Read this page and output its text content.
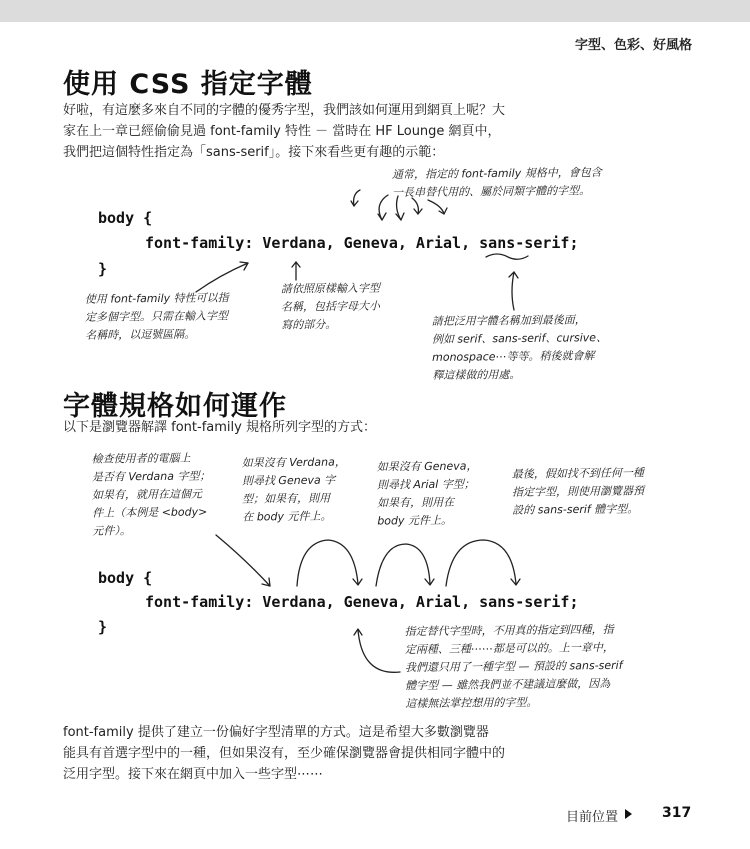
字型、色彩、好風格
使用 CSS 指定字體
好啦，有這麼多來自不同的字體的優秀字型，我們該如何運用到網頁上呢？大
家在上一章已經偷偷見過 font-family 特性 － 當時在 HF Lounge 網頁中，
我們把這個特性指定為「sans-serif」。接下來看些更有趣的示範：
通常，指定的 font-family 規格中，會包含
一長串替代用的、屬於同類字體的字型。
body {
font-family: Verdana, Geneva, Arial, sans-serif;
}
使用 font-family 特性可以指
定多個字型。只需在輸入字型
名稱時，以逗號區隔。
請依照原樣輸入字型
名稱，包括字母大小
寫的部分。	請把泛用字體名稱加到最後面，
例如 serif、sans-serif、cursive、
monospace⋯等等。稍後就會解
釋這樣做的用處。
字體規格如何運作
以下是瀏覽器解譯 font-family 規格所列字型的方式：
檢查使用者的電腦上
是否有 Verdana 字型；
如果有，就用在這個元
件上（本例是 <body>
元件）。
如果沒有 Verdana，
則尋找 Geneva 字
型；如果有，則用
在 body 元件上。
如果沒有 Geneva，
則尋找 Arial 字型；
如果有，則用在
body 元件上。
最後，假如找不到任何一種
指定字型，則使用瀏覽器預
設的 sans-serif 體字型。
body {
font-family: Verdana, Geneva, Arial, sans-serif;
}	指定替代字型時，不用真的指定到四種，指
定兩種、三種⋯⋯都是可以的。上一章中，
我們還只用了一種字型 — 預設的 sans-serif
體字型 — 雖然我們並不建議這麼做，因為
這樣無法掌控想用的字型。
font-family 提供了建立一份偏好字型清單的方式。這是希望大多數瀏覽器
能具有首選字型中的一種，但如果沒有，至少確保瀏覽器會提供相同字體中的
泛用字型。接下來在網頁中加入一些字型⋯⋯
目前位置	317
